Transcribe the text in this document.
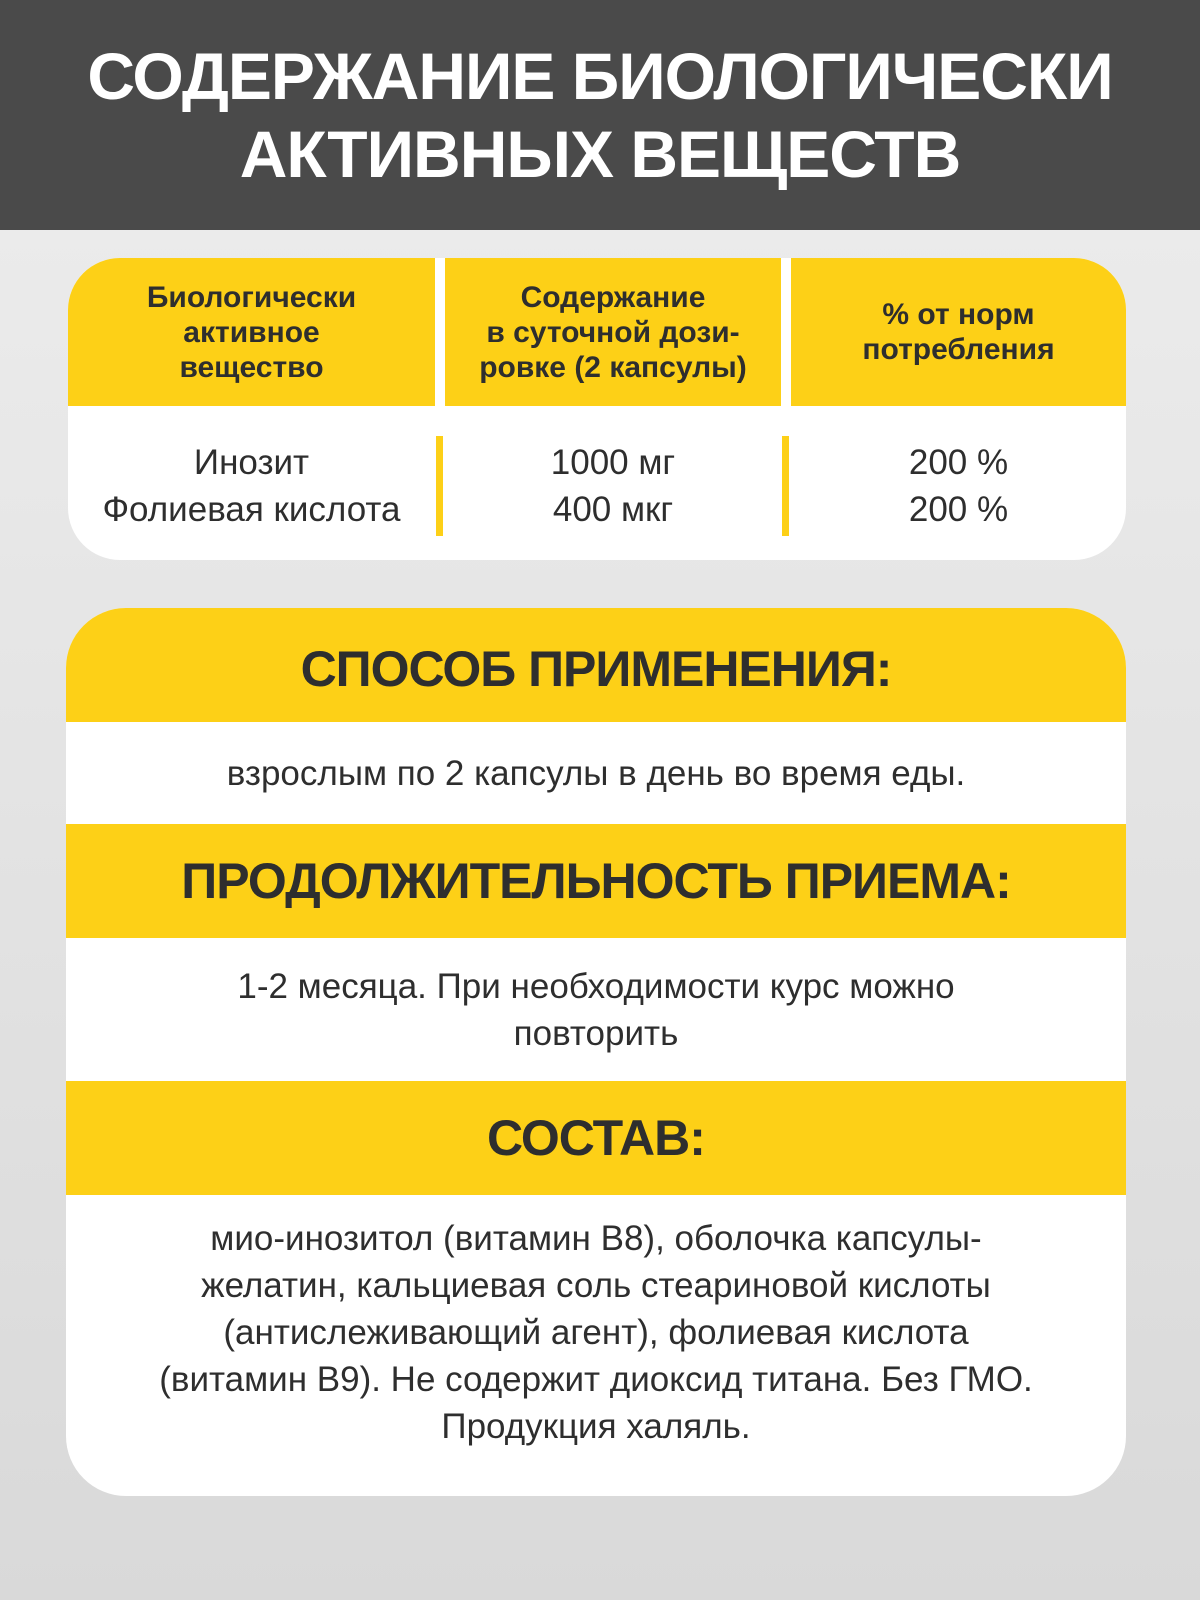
СОДЕРЖАНИЕ БИОЛОГИЧЕСКИ
АКТИВНЫХ ВЕЩЕСТВ
Биологически
активное
вещество
Содержание
в суточной дози-
ровке (2 капсулы)
% от норм
потребления
Инозит
Фолиевая кислота
1000 мг
400 мкг
200 %
200 %
СПОСОБ ПРИМЕНЕНИЯ:
взрослым по 2 капсулы в день во время еды.
ПРОДОЛЖИТЕЛЬНОСТЬ ПРИЕМА:
1-2 месяца. При необходимости курс можно
повторить
СОСТАВ:
мио-инозитол (витамин В8), оболочка капсулы-
желатин, кальциевая соль стеариновой кислоты
(антислеживающий агент), фолиевая кислота
(витамин В9). Не содержит диоксид титана. Без ГМО.
Продукция халяль.
